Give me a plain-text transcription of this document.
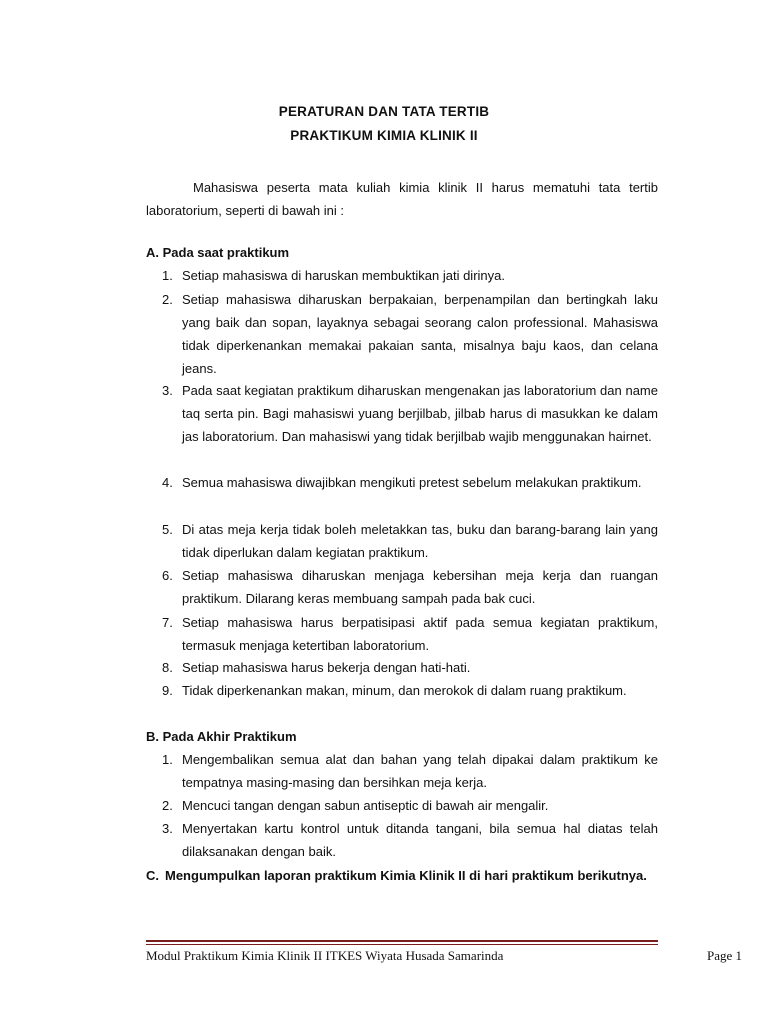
PERATURAN DAN TATA TERTIB
PRAKTIKUM KIMIA KLINIK II
Mahasiswa peserta mata kuliah kimia klinik II harus mematuhi tata tertib laboratorium, seperti di bawah ini :
A. Pada saat praktikum
1. Setiap mahasiswa di haruskan membuktikan jati dirinya.
2. Setiap mahasiswa diharuskan berpakaian, berpenampilan dan bertingkah laku yang baik dan sopan, layaknya sebagai seorang calon professional. Mahasiswa tidak diperkenankan memakai pakaian santa, misalnya baju kaos, dan celana jeans.
3. Pada saat kegiatan praktikum diharuskan mengenakan jas laboratorium dan name taq serta pin. Bagi mahasiswi yuang berjilbab, jilbab harus di masukkan ke dalam jas laboratorium. Dan mahasiswi yang tidak berjilbab wajib menggunakan hairnet.
4. Semua mahasiswa diwajibkan mengikuti pretest sebelum melakukan praktikum.
5. Di atas meja kerja tidak boleh meletakkan tas, buku dan barang-barang lain yang tidak diperlukan dalam kegiatan praktikum.
6. Setiap mahasiswa diharuskan menjaga kebersihan meja kerja dan ruangan praktikum. Dilarang keras membuang sampah pada bak cuci.
7. Setiap mahasiswa harus berpatisipasi aktif pada semua kegiatan praktikum, termasuk menjaga ketertiban laboratorium.
8. Setiap mahasiswa harus bekerja dengan hati-hati.
9. Tidak diperkenankan makan, minum, dan merokok di dalam ruang praktikum.
B. Pada Akhir Praktikum
1. Mengembalikan semua alat dan bahan yang telah dipakai dalam praktikum ke tempatnya masing-masing dan bersihkan meja kerja.
2. Mencuci tangan dengan sabun antiseptic di bawah air mengalir.
3. Menyertakan kartu kontrol untuk ditanda tangani, bila semua hal diatas telah dilaksanakan dengan baik.
C. Mengumpulkan laporan praktikum Kimia Klinik II di hari praktikum berikutnya.
Modul Praktikum Kimia Klinik II ITKES Wiyata Husada Samarinda	Page 1
